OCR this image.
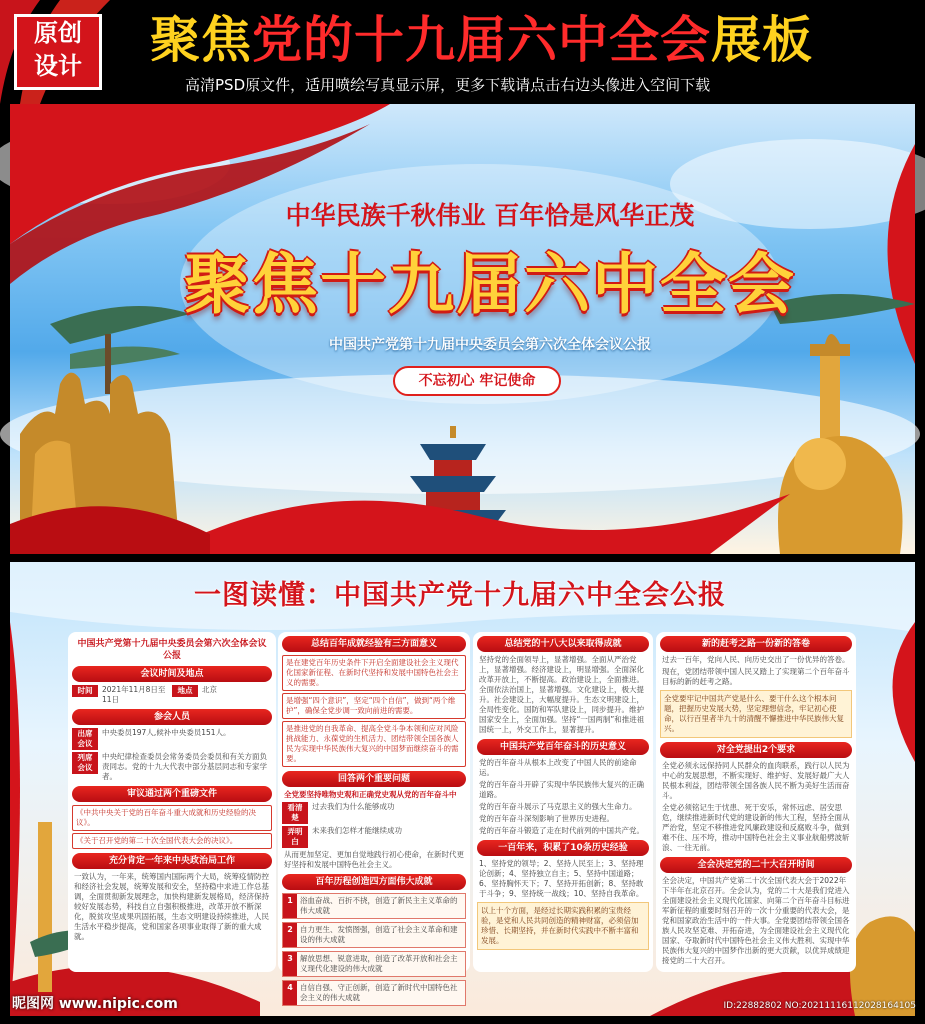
原创
设计	聚焦党的十九届六中全会展板
高清PSD原文件，适用喷绘写真显示屏，更多下载请点击右边头像进入空间下载
中华民族千秋伟业 百年恰是风华正茂
聚焦十九届六中全会
中国共产党第十九届中央委员会第六次全体会议公报
不忘初心 牢记使命
一图读懂：中国共产党十九届六中全会公报
中国共产党第十九届中央委员会第六次全体会议公报
会议时间及地点
时间	2021年11月8日至11日
地点	北京
参会人员
出席会议
中央委员197人,候补中央委员151人。
列席会议
中央纪律检查委员会常务委员会委员和有关方面负责同志。党的十九大代表中部分基层同志和专家学者。
审议通过两个重磅文件
《中共中央关于党的百年奋斗重大成就和历史经验的决议》。
《关于召开党的第二十次全国代表大会的决议》。
充分肯定一年来中央政治局工作
一致认为，一年来，统筹国内国际两个大局，统筹疫情防控和经济社会发展，统筹发展和安全，坚持稳中求进工作总基调，全面贯彻新发展理念，加快构建新发展格局，经济保持较好发展态势，科技自立自强积极推进，改革开放不断深化，脱贫攻坚成果巩固拓展，生态文明建设持续推进，人民生活水平稳步提高，党和国家各项事业取得了新的重大成就。
总结百年成就经验有三方面意义
是在建党百年历史条件下开启全面建设社会主义现代化国家新征程、在新时代坚持和发展中国特色社会主义的需要。
是增强“四个意识”，坚定“四个自信”，做到“两个维护”，确保全党步调一致向前进的需要。
是推进党的自我革命、提高全党斗争本领和应对风险挑战能力、永葆党的生机活力、团结带领全国各族人民为实现中华民族伟大复兴的中国梦而继续奋斗的需要。
回答两个重要问题
全党要坚持唯物史观和正确党史观从党的百年奋斗中
看清楚
过去我们为什么能够成功
弄明白
未来我们怎样才能继续成功
从而更加坚定、更加自觉地践行初心使命，在新时代更好坚持和发展中国特色社会主义。
百年历程创造四方面伟大成就
1 浴血奋战、百折不挠，创造了新民主主义革命的伟大成就
2 自力更生、发愤图强，创造了社会主义革命和建设的伟大成就
3 解放思想、锐意进取，创造了改革开放和社会主义现代化建设的伟大成就
4 自信自强、守正创新，创造了新时代中国特色社会主义的伟大成就
总结党的十八大以来取得成就
坚持党的全面领导上，显著增强。全面从严治党上，显著增强。经济建设上，明显增强。全面深化改革开放上，不断提高。政治建设上，全面推进。全面依法治国上，显著增强。文化建设上，极大提升。社会建设上，大幅度提升。生态文明建设上，全局性变化。国防和军队建设上，同步提升。维护国家安全上，全面加强。坚持“一国两制”和推进祖国统一上，外交工作上，显著提升。
中国共产党百年奋斗的历史意义
党的百年奋斗从根本上改变了中国人民的前途命运。
党的百年奋斗开辟了实现中华民族伟大复兴的正确道路。
党的百年奋斗展示了马克思主义的强大生命力。
党的百年奋斗深刻影响了世界历史进程。
党的百年奋斗锻造了走在时代前列的中国共产党。
一百年来，积累了10条历史经验
1、坚持党的领导；2、坚持人民至上；3、坚持理论创新；4、坚持独立自主；5、坚持中国道路；6、坚持胸怀天下；7、坚持开拓创新；8、坚持敢于斗争；9、坚持统一战线；10、坚持自我革命。
以上十个方面，是经过长期实践积累的宝贵经验，是党和人民共同创造的精神财富，必须倍加珍惜、长期坚持，并在新时代实践中不断丰富和发展。
新的赶考之路一份新的答卷
过去一百年，党向人民、向历史交出了一份优异的答卷。
现在，党团结带领中国人民又踏上了实现第二个百年奋斗目标的新的赶考之路。
全党要牢记中国共产党是什么、要干什么这个根本问题，把握历史发展大势，坚定理想信念，牢记初心使命，以行百里者半九十的清醒不懈推进中华民族伟大复兴。
对全党提出2个要求
全党必须永远保持同人民群众的血肉联系，践行以人民为中心的发展思想，不断实现好、维护好、发展好最广大人民根本利益，团结带领全国各族人民不断为美好生活而奋斗。
全党必须铭记生于忧患、死于安乐，常怀远虑、居安思危，继续推进新时代党的建设新的伟大工程，坚持全面从严治党，坚定不移推进党风廉政建设和反腐败斗争，做到难不住、压不垮，推动中国特色社会主义事业航船劈波斩浪、一往无前。
全会决定党的二十大召开时间
全会决定，中国共产党第二十次全国代表大会于2022年下半年在北京召开。全会认为，党的二十大是我们党进入全面建设社会主义现代化国家、向第二个百年奋斗目标进军新征程的重要时刻召开的一次十分重要的代表大会，是党和国家政治生活中的一件大事。全党要团结带领全国各族人民攻坚克难、开拓奋进，为全面建设社会主义现代化国家、夺取新时代中国特色社会主义伟大胜利、实现中华民族伟大复兴的中国梦作出新的更大贡献，以优异成绩迎接党的二十大召开。
昵图网 www.nipic.com	ID:22882802 NO:20211116112028164105
